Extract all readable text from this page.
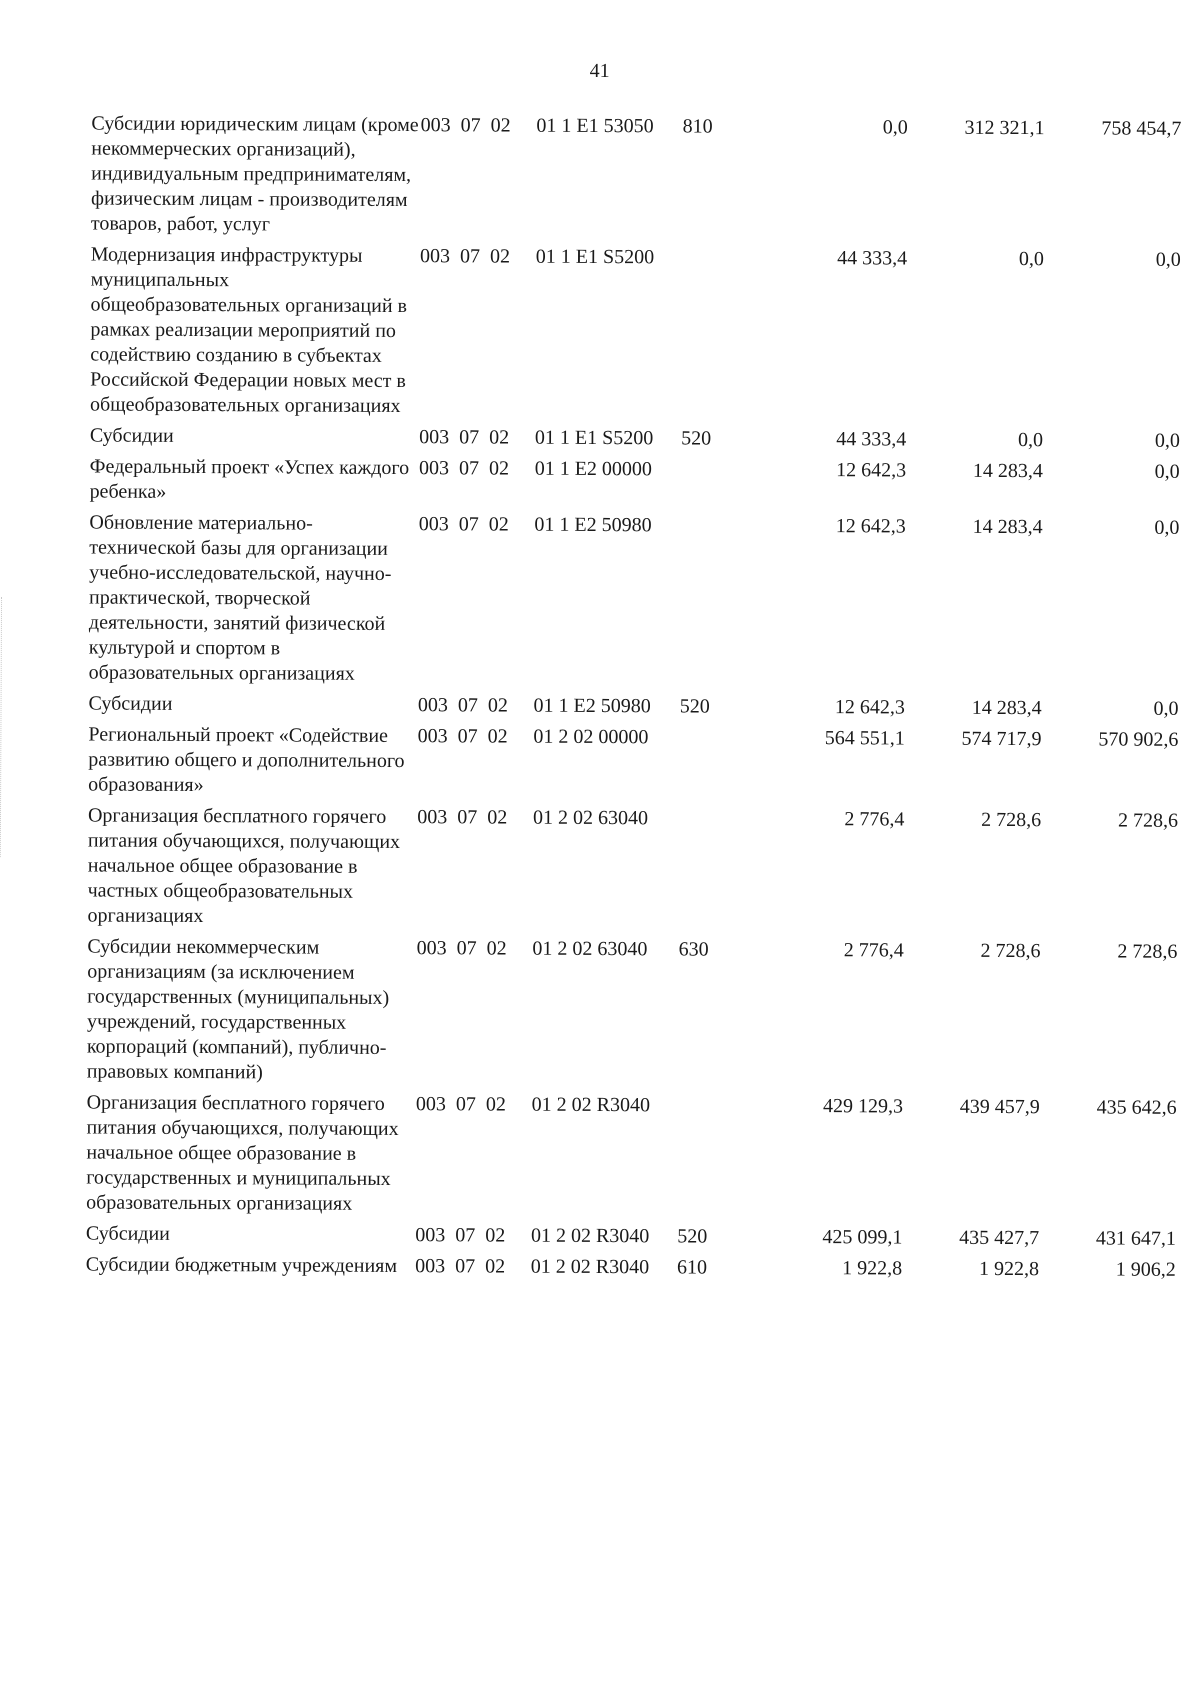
41
Субсидии юридическим лицам (кроме некоммерческих организаций), индивидуальным предпринимателям, физическим лицам - производителям товаров, работ, услуг	003 07 02	01 1 E1 53050	810	0,0	312 321,1	758 454,7
Модернизация инфраструктуры муниципальных общеобразовательных организаций в рамках реализации мероприятий по содействию созданию в субъектах Российской Федерации новых мест в общеобразовательных организациях	003 07 02	01 1 E1 S5200		44 333,4	0,0	0,0
Субсидии	003 07 02	01 1 E1 S5200	520	44 333,4	0,0	0,0
Федеральный проект «Успех каждого ребенка»	003 07 02	01 1 E2 00000		12 642,3	14 283,4	0,0
Обновление материально-технической базы для организации учебно-исследовательской, научно-практической, творческой деятельности, занятий физической культурой и спортом в образовательных организациях	003 07 02	01 1 E2 50980		12 642,3	14 283,4	0,0
Субсидии	003 07 02	01 1 E2 50980	520	12 642,3	14 283,4	0,0
Региональный проект «Содействие развитию общего и дополнительного образования»	003 07 02	01 2 02 00000		564 551,1	574 717,9	570 902,6
Организация бесплатного горячего питания обучающихся, получающих начальное общее образование в частных общеобразовательных организациях	003 07 02	01 2 02 63040		2 776,4	2 728,6	2 728,6
Субсидии некоммерческим организациям (за исключением государственных (муниципальных) учреждений, государственных корпораций (компаний), публично-правовых компаний)	003 07 02	01 2 02 63040	630	2 776,4	2 728,6	2 728,6
Организация бесплатного горячего питания обучающихся, получающих начальное общее образование в государственных и муниципальных образовательных организациях	003 07 02	01 2 02 R3040		429 129,3	439 457,9	435 642,6
Субсидии	003 07 02	01 2 02 R3040	520	425 099,1	435 427,7	431 647,1
Субсидии бюджетным учреждениям	003 07 02	01 2 02 R3040	610	1 922,8	1 922,8	1 906,2
